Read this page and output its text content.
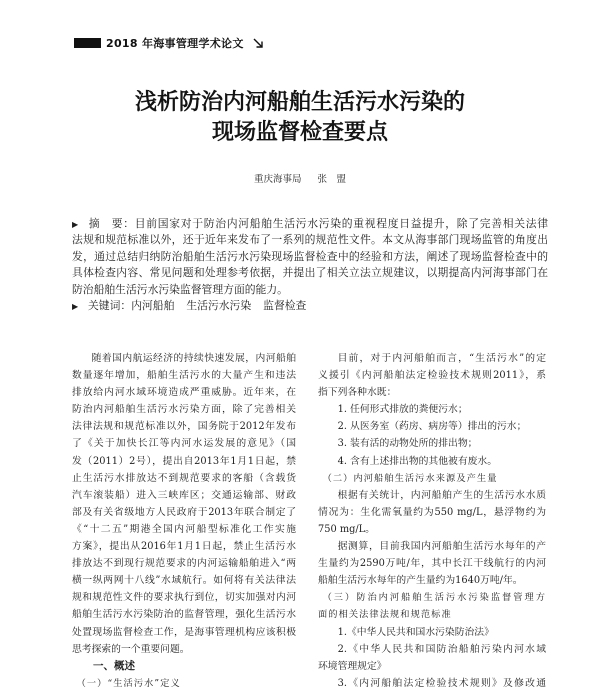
2018 年海事管理学术论文
浅析防治内河船舶生活污水污染的
现场监督检查要点
重庆海事局 张　盟
▶ 摘　要：目前国家对于防治内河船舶生活污水污染的重视程度日益提升，除了完善相关法律
法规和规范标准以外，还于近年来发布了一系列的规范性文件。本文从海事部门现场监管的角度出
发，通过总结归纳防治船舶生活污水污染现场监督检查中的经验和方法，阐述了现场监督检查中的
具体检查内容、常见问题和处理参考依据，并提出了相关立法立规建议，以期提高内河海事部门在
防治船舶生活污水污染监督管理方面的能力。
▶ 关键词：内河船舶 生活污水污染 监督检查
随着国内航运经济的持续快速发展，内河船舶
数量逐年增加，船舶生活污水的大量产生和违法
排放给内河水域环境造成严重威胁。近年来，在
防治内河船舶生活污水污染方面，除了完善相关
法律法规和规范标准以外，国务院于2012年发布
了《关于加快长江等内河水运发展的意见》（国
发（2011）2号），提出自2013年1月1日起，禁
止生活污水排放达不到规范要求的客船（含载货
汽车滚装船）进入三峡库区；交通运输部、财政
部及有关省级地方人民政府于2013年联合制定了
《“十二五”期港全国内河船型标准化工作实施
方案》，提出从2016年1月1日起，禁止生活污水
排放达不到现行规范要求的内河运输船舶进入“两
横一纵两网十八线”水域航行。如何将有关法律法
规和规范性文件的要求执行到位，切实加强对内河
船舶生活污水污染防治的监督管理，强化生活污水
处置现场监督检查工作，是海事管理机构应该积极
思考探索的一个重要问题。
一、概述
（一）“生活污水”定义
目前，对于内河船舶而言，“生活污水”的定
义援引《内河船舶法定检验技术规则2011》，系
指下列各种水既：
1. 任何形式排放的粪便污水；
2. 从医务室（药房、病房等）排出的污水；
3. 装有活的动物处所的排出物；
4. 含有上述排出物的其他被有废水。
（二）内河船舶生活污水来源及产生量
根据有关统计，内河船舶产生的生活污水水质
情况为：生化需氧量约为550 mg/L，悬浮物约为
750 mg/L。
据测算，目前我国内河船舶生活污水每年的产
生量约为2590万吨/年，其中长江干线航行的内河
船舶生活污水每年的产生量约为1640万吨/年。
（三）防治内河船舶生活污水污染监督管理方
面的相关法律法规和规范标准
1.《中华人民共和国水污染防治法》
2.《中华人民共和国防治船舶污染内河水域
环境管理规定》
3.《内河船舶法定检验技术规则》及修改通
